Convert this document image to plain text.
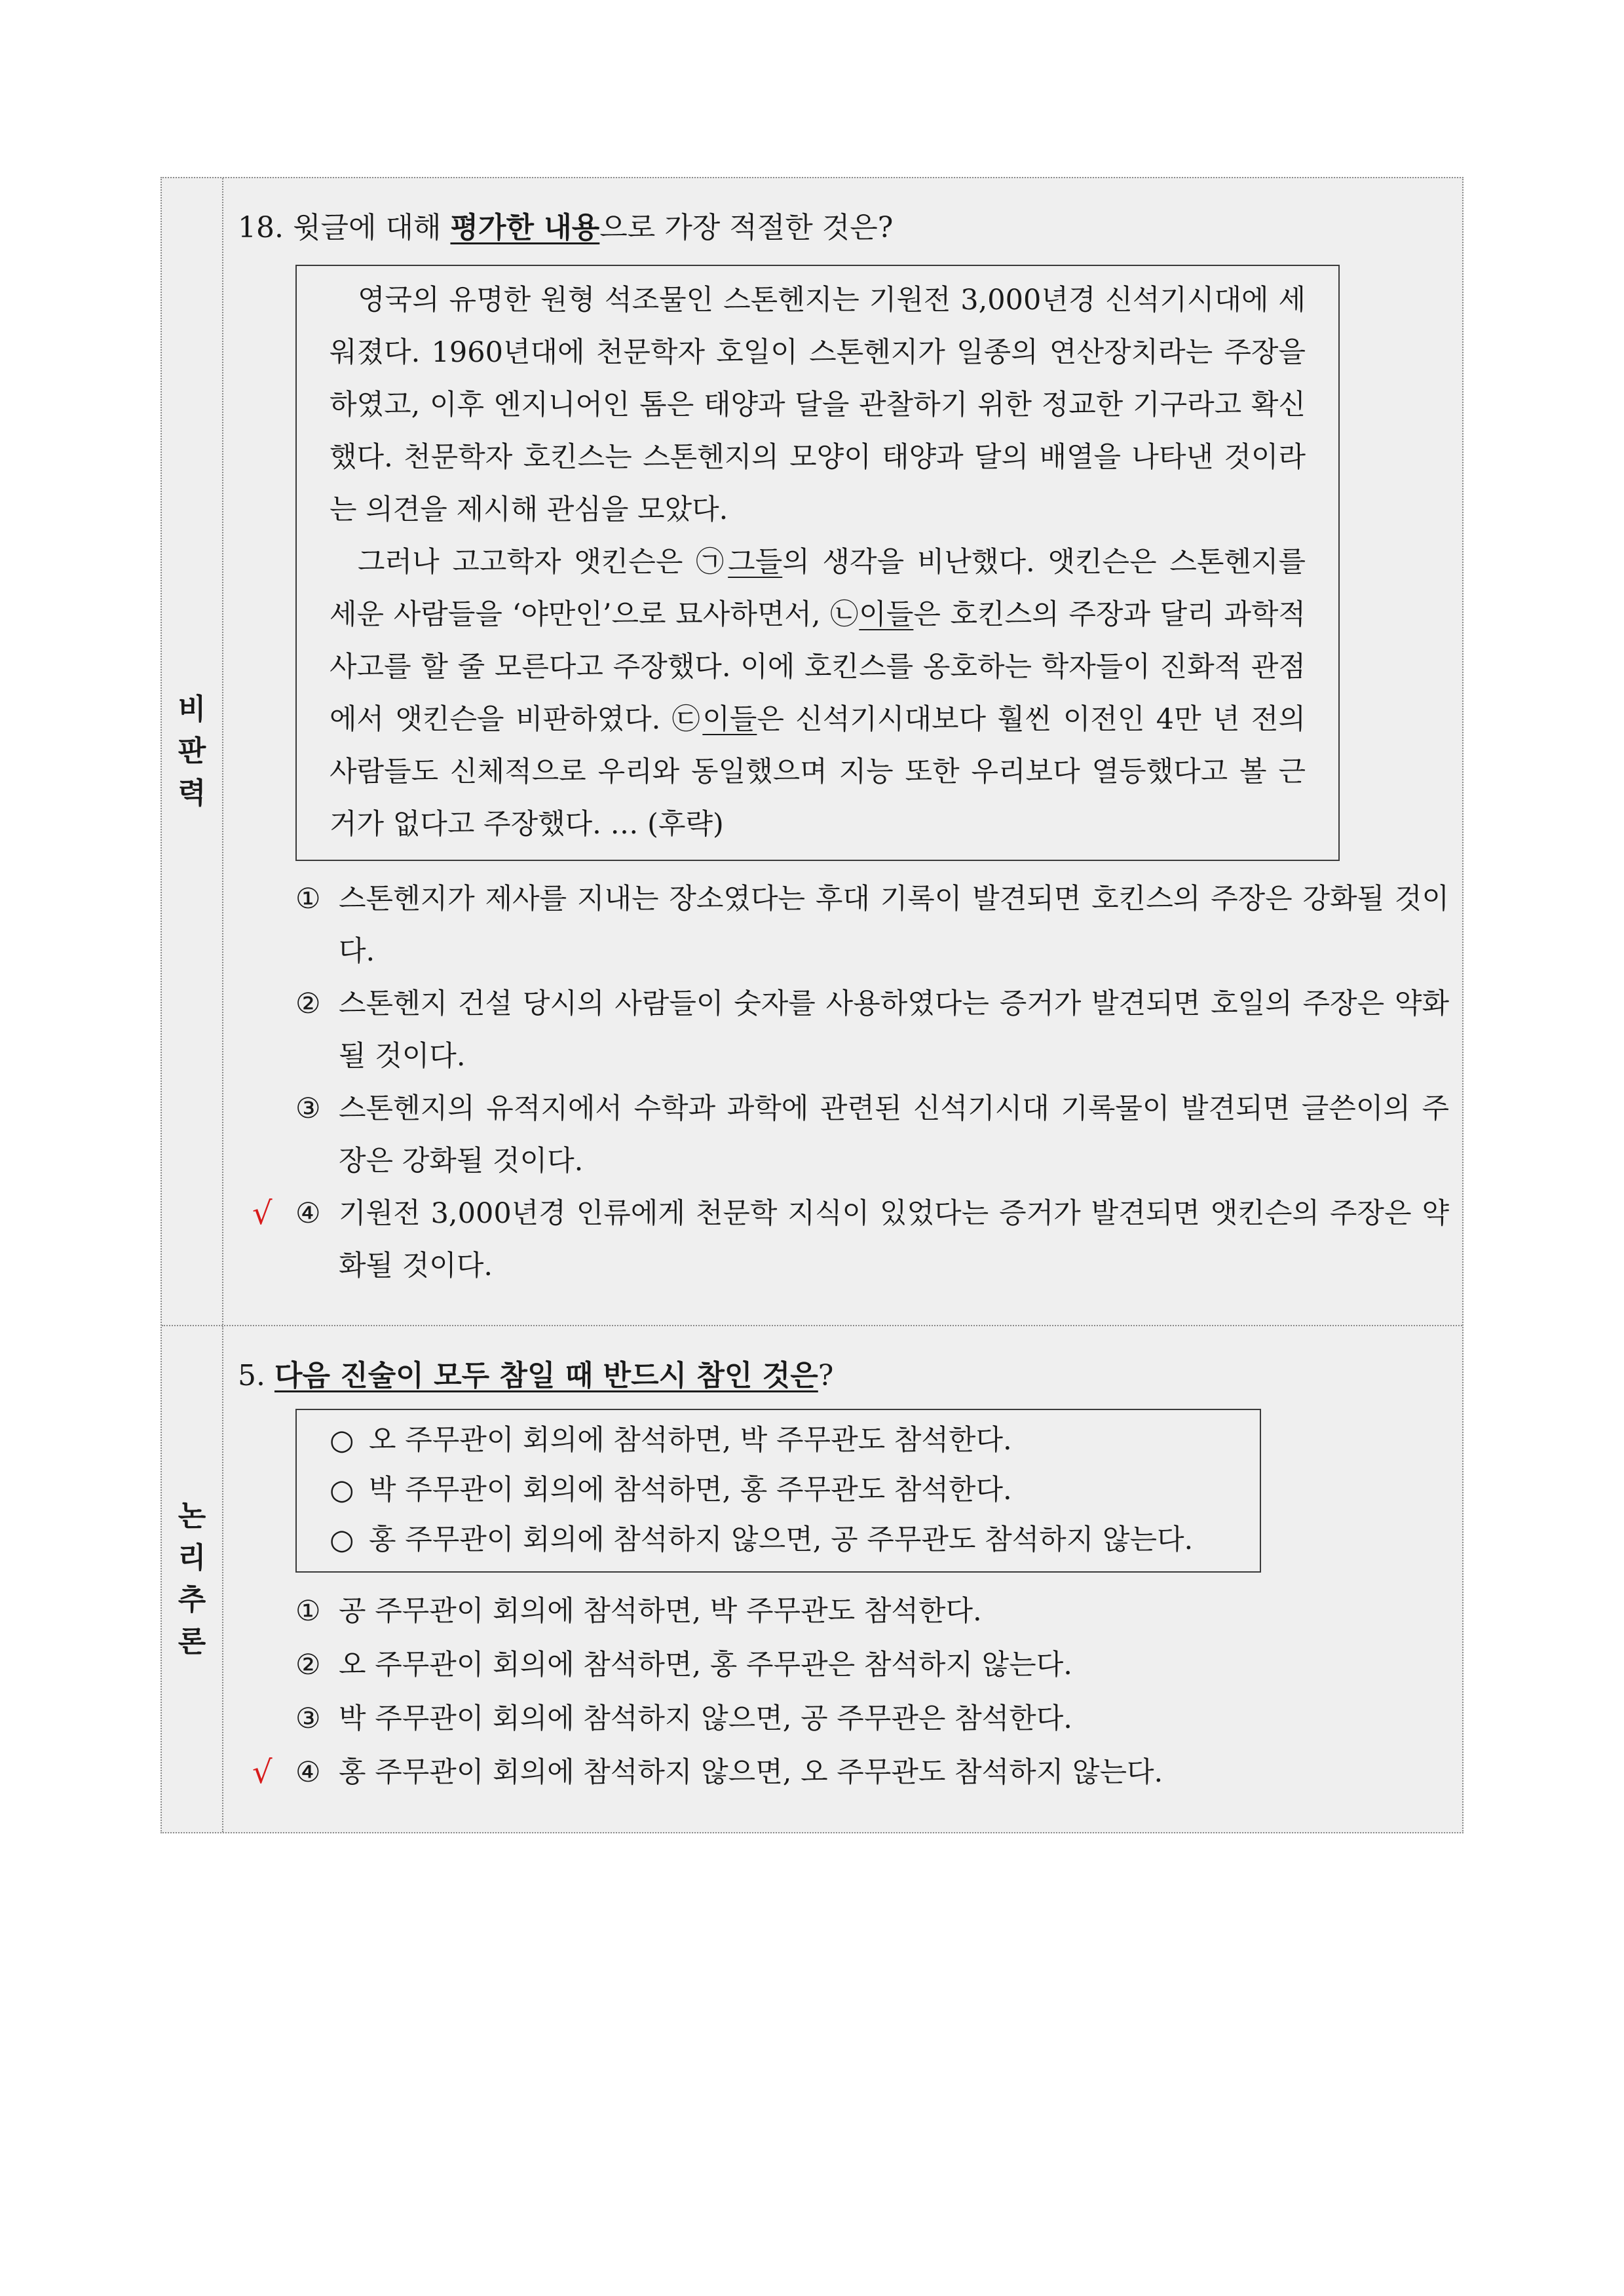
비
판
력
18. 윗글에 대해 평가한 내용으로 가장 적절한 것은?
영국의 유명한 원형 석조물인 스톤헨지는 기원전 3,000년경 신석기시대에 세워졌다. 1960년대에 천문학자 호일이 스톤헨지가 일종의 연산장치라는 주장을 하였고, 이후 엔지니어인 톰은 태양과 달을 관찰하기 위한 정교한 기구라고 확신했다. 천문학자 호킨스는 스톤헨지의 모양이 태양과 달의 배열을 나타낸 것이라는 의견을 제시해 관심을 모았다.
그러나 고고학자 앳킨슨은 ㉠그들의 생각을 비난했다. 앳킨슨은 스톤헨지를 세운 사람들을 ‘야만인’으로 묘사하면서, ㉡이들은 호킨스의 주장과 달리 과학적 사고를 할 줄 모른다고 주장했다. 이에 호킨스를 옹호하는 학자들이 진화적 관점에서 앳킨슨을 비판하였다. ㉢이들은 신석기시대보다 훨씬 이전인 4만 년 전의 사람들도 신체적으로 우리와 동일했으며 지능 또한 우리보다 열등했다고 볼 근거가 없다고 주장했다. … (후략)
① 스톤헨지가 제사를 지내는 장소였다는 후대 기록이 발견되면 호킨스의 주장은 강화될 것이다.
② 스톤헨지 건설 당시의 사람들이 숫자를 사용하였다는 증거가 발견되면 호일의 주장은 약화될 것이다.
③ 스톤헨지의 유적지에서 수학과 과학에 관련된 신석기시대 기록물이 발견되면 글쓴이의 주장은 강화될 것이다.
√ ④ 기원전 3,000년경 인류에게 천문학 지식이 있었다는 증거가 발견되면 앳킨슨의 주장은 약화될 것이다.
논
리
추
론
5. 다음 진술이 모두 참일 때 반드시 참인 것은?
○ 오 주무관이 회의에 참석하면, 박 주무관도 참석한다.
○ 박 주무관이 회의에 참석하면, 홍 주무관도 참석한다.
○ 홍 주무관이 회의에 참석하지 않으면, 공 주무관도 참석하지 않는다.
① 공 주무관이 회의에 참석하면, 박 주무관도 참석한다.
② 오 주무관이 회의에 참석하면, 홍 주무관은 참석하지 않는다.
③ 박 주무관이 회의에 참석하지 않으면, 공 주무관은 참석한다.
√ ④ 홍 주무관이 회의에 참석하지 않으면, 오 주무관도 참석하지 않는다.
